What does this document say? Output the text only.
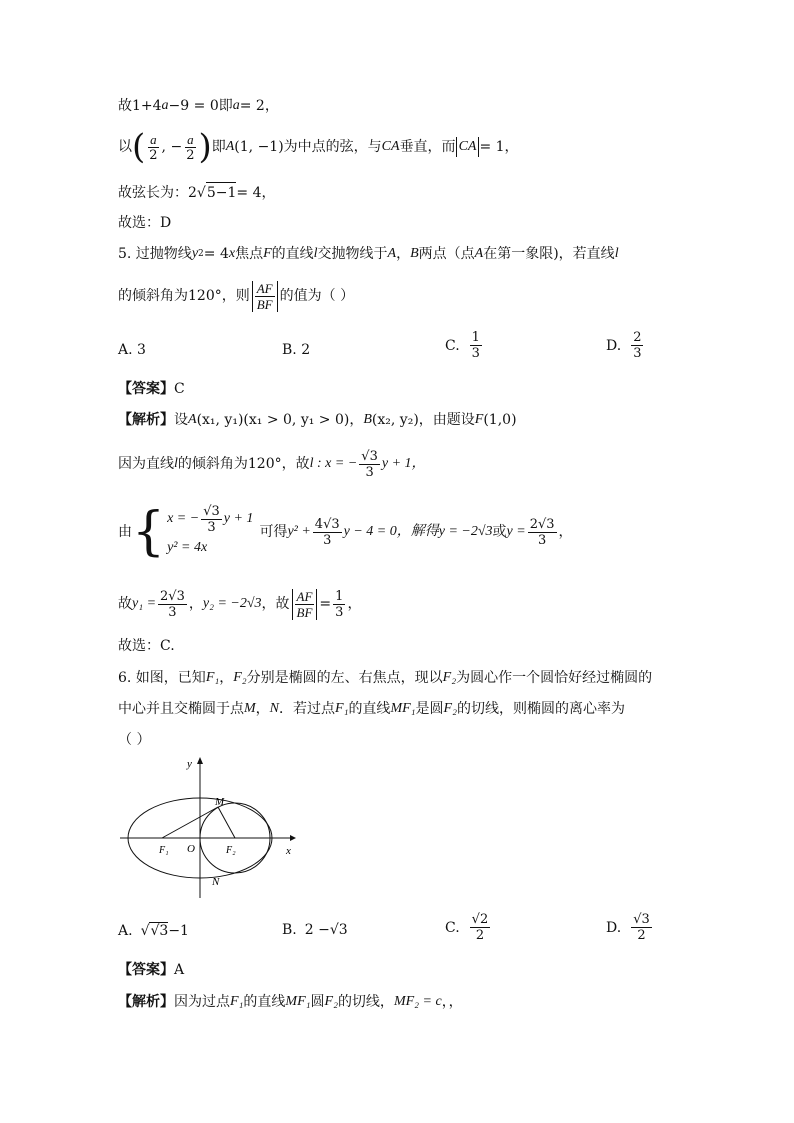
故 1+4 a −9 = 0即 a = 2，
以 ( $\frac{a}{2}$ , − $\frac{a}{2}$ ) 即 A (1, −1)为中点的弦，与 CA 垂直，而 CA = 1，
故弦长为：2 √ 5−1 = 4，
故选：D
5. 过抛物线 y 2 = 4 x 焦点 F 的直线 l 交抛物线于 A ， B 两点（点 A 在第一象限)，若直线 l
的倾斜角为120°，则 $\frac{AF}{BF}$ 的值为（ ）
A. 3	B. 2	C. $\frac{1}{3}$	D. $\frac{2}{3}$
【答案】 C
【解析】 设 A (x₁, y₁)(x₁ > 0, y₁ > 0)， B (x₂, y₂)，由题设 F (1,0)
因为直线 l 的倾斜角为120°，故 l : x = − $\frac{√3}{3}$ y + 1，
由 { x = − $\frac{√3}{3}$ y + 1
y² = 4x
可得 $y^2 + \frac{4√3}{3}$ y − 4 = 0，解得 y = −2√3 或 $y = \frac{2√3}{3}$ ，
故 $y_1 = \frac{2√3}{3}$ ， y₂ = −2√3 ，故 $\frac{AF}{BF} = \frac{1}{3}$ ，
故选：C.
6. 如图，已知 F₁ ， F₂ 分别是椭圆的左、右焦点，现以 F₂ 为圆心作一个圆恰好经过椭圆的
中心并且交椭圆于点 M ， N ．若过点 F₁ 的直线 MF₁ 是圆 F₂ 的切线，则椭圆的离心率为
（ ）
y
x
M
N
O
F₁	F₂
A. √ √3 −1	B. 2 − √3	C. $\frac{√2}{2}$	D. $\frac{√3}{2}$
【答案】 A
【解析】 因为过点 F₁ 的直线 MF₁ 圆 F₂ 的切线， MF₂ = c ，，
